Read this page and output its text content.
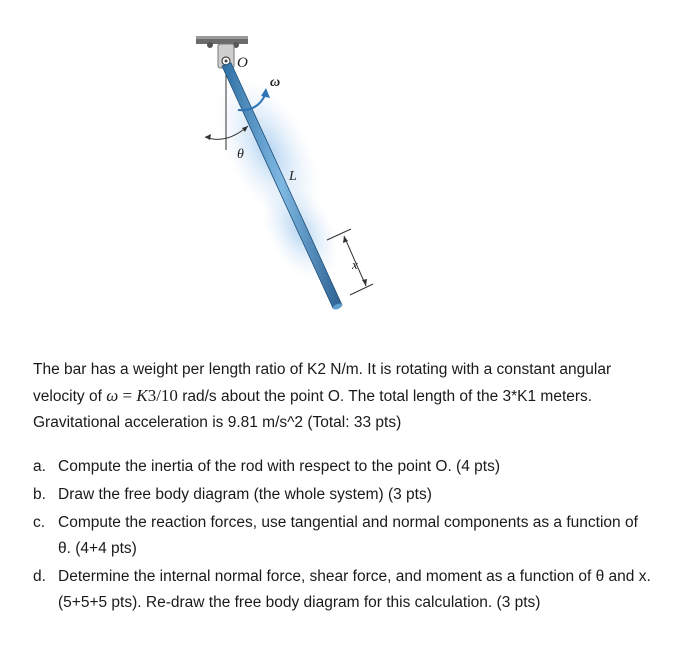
O
ω
θ
L
x

The bar has a weight per length ratio of K2 N/m. It is rotating with a constant angular velocity of ω = K3/10 rad/s about the point O. The total length of the 3*K1 meters. Gravitational acceleration is 9.81 m/s^2 (Total: 33 pts)

a. Compute the inertia of the rod with respect to the point O. (4 pts)
b. Draw the free body diagram (the whole system) (3 pts)
c. Compute the reaction forces, use tangential and normal components as a function of θ. (4+4 pts)
d. Determine the internal normal force, shear force, and moment as a function of θ and x. (5+5+5 pts). Re-draw the free body diagram for this calculation. (3 pts)
